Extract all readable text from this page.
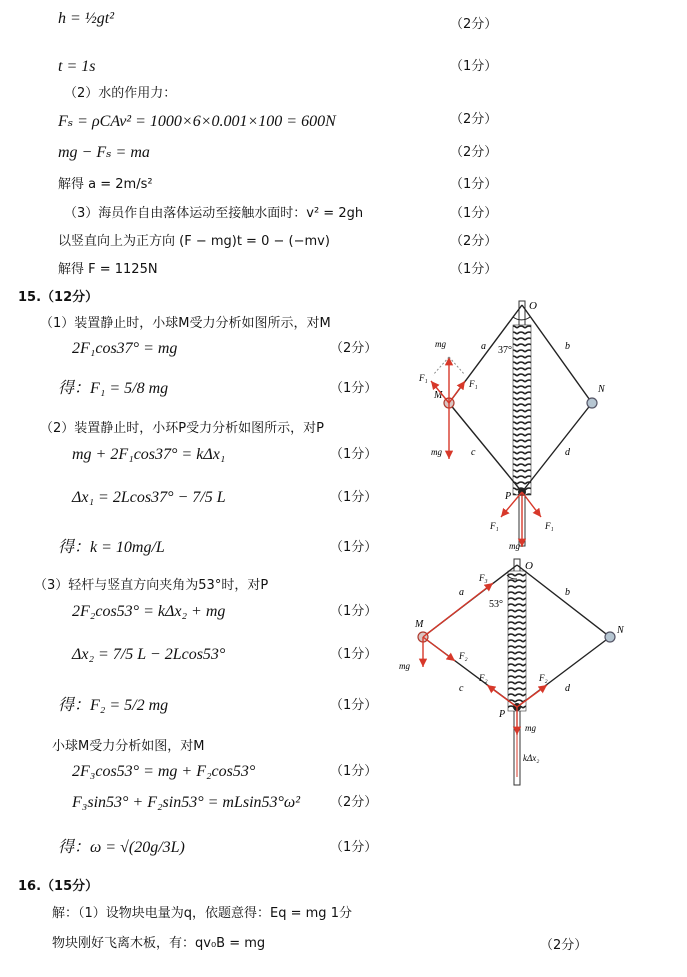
h = ½gt²	（2分）
t = 1s	（1分）
（2）水的作用力：
Fₛ = ρCAv² = 1000×6×0.001×100 = 600N	（2分）
mg − Fₛ = ma	（2分）
解得 a = 2m/s²	（1分）
（3）海员作自由落体运动至接触水面时：v² = 2gh	（1分）
以竖直向上为正方向 (F − mg)t = 0 − (−mv)	（2分）
解得 F = 1125N	（1分）
15.（12分）
（1）装置静止时，小球M受力分析如图所示，对M
2F₁cos37° = mg	（2分）
得：F₁ = 5/8 mg	（1分）
（2）装置静止时，小环P受力分析如图所示，对P
mg + 2F₁cos37° = kΔx₁	（1分）
Δx₁ = 2Lcos37° − 7/5 L	（1分）
得：k = 10mg/L	（1分）
（3）轻杆与竖直方向夹角为53°时，对P
2F₂cos53° = kΔx₂ + mg	（1分）
Δx₂ = 7/5 L − 2Lcos53°	（1分）
得：F₂ = 5/2 mg	（1分）
小球M受力分析如图，对M
2F₃cos53° = mg + F₂cos53°	（1分）
F₃sin53° + F₂sin53° = mLsin53°ω² （2分）
得：ω = √(20g/3L)	（1分）
16.（15分）
解：（1）设物块电量为q，依题意得：Eq = mg 1分
物块刚好飞离木板，有：qv₀B = mg	（2分）
37°
O
a	b
c	d
M
N
mg
F₁
F₁
mg
P
F₁	F₁
mg
53°
O
a	b
c	d
M
N
F₃
F₂
mg
P
F₂	F₂
mg
kΔx₂
